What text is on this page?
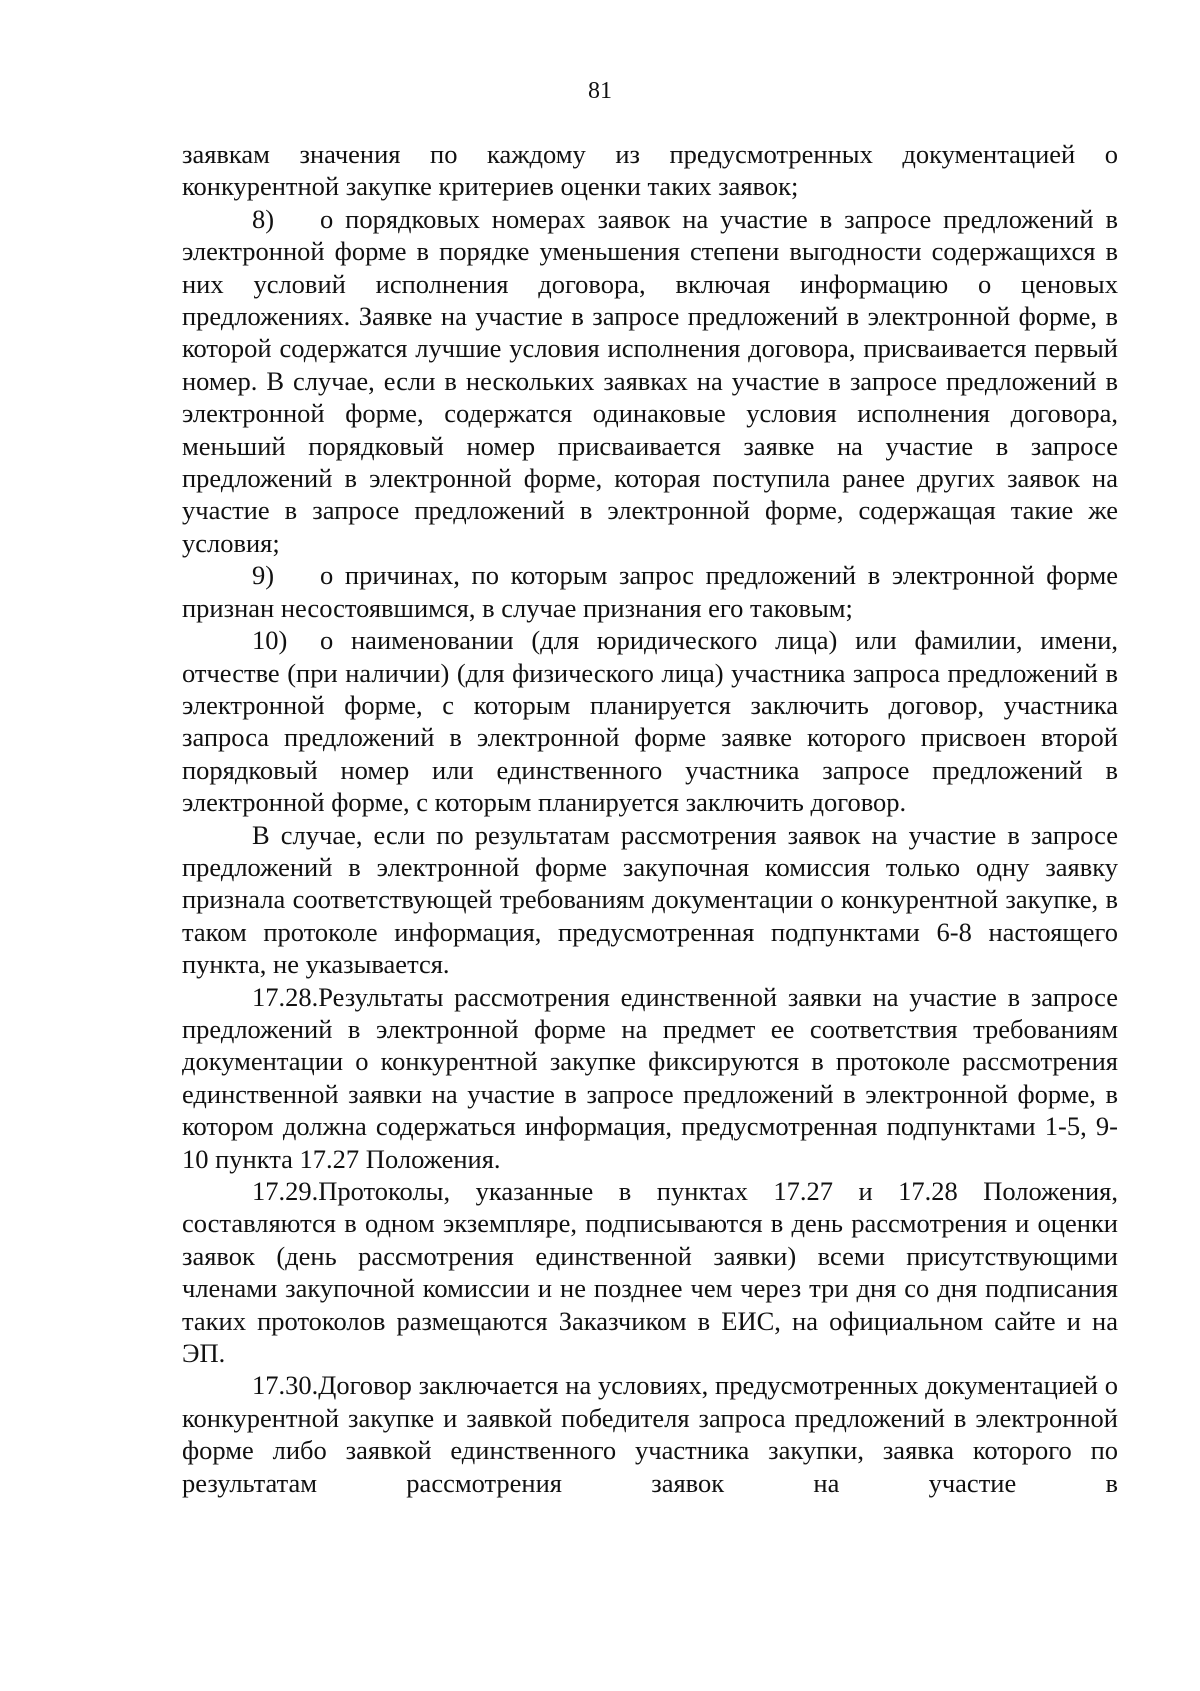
81

заявкам значения по каждому из предусмотренных документацией о конкурентной закупке критериев оценки таких заявок;

8) о порядковых номерах заявок на участие в запросе предложений в электронной форме в порядке уменьшения степени выгодности содержащихся в них условий исполнения договора, включая информацию о ценовых предложениях. Заявке на участие в запросе предложений в электронной форме, в которой содержатся лучшие условия исполнения договора, присваивается первый номер. В случае, если в нескольких заявках на участие в запросе предложений в электронной форме, содержатся одинаковые условия исполнения договора, меньший порядковый номер присваивается заявке на участие в запросе предложений в электронной форме, которая поступила ранее других заявок на участие в запросе предложений в электронной форме, содержащая такие же условия;

9) о причинах, по которым запрос предложений в электронной форме признан несостоявшимся, в случае признания его таковым;

10) о наименовании (для юридического лица) или фамилии, имени, отчестве (при наличии) (для физического лица) участника запроса предложений в электронной форме, с которым планируется заключить договор, участника запроса предложений в электронной форме заявке которого присвоен второй порядковый номер или единственного участника запросе предложений в электронной форме, с которым планируется заключить договор.

В случае, если по результатам рассмотрения заявок на участие в запросе предложений в электронной форме закупочная комиссия только одну заявку признала соответствующей требованиям документации о конкурентной закупке, в таком протоколе информация, предусмотренная подпунктами 6-8 настоящего пункта, не указывается.

17.28.Результаты рассмотрения единственной заявки на участие в запросе предложений в электронной форме на предмет ее соответствия требованиям документации о конкурентной закупке фиксируются в протоколе рассмотрения единственной заявки на участие в запросе предложений в электронной форме, в котором должна содержаться информация, предусмотренная подпунктами 1-5, 9-10 пункта 17.27 Положения.

17.29.Протоколы, указанные в пунктах 17.27 и 17.28 Положения, составляются в одном экземпляре, подписываются в день рассмотрения и оценки заявок (день рассмотрения единственной заявки) всеми присутствующими членами закупочной комиссии и не позднее чем через три дня со дня подписания таких протоколов размещаются Заказчиком в ЕИС, на официальном сайте и на ЭП.

17.30.Договор заключается на условиях, предусмотренных документацией о конкурентной закупке и заявкой победителя запроса предложений в электронной форме либо заявкой единственного участника закупки, заявка которого по результатам рассмотрения заявок на участие в
